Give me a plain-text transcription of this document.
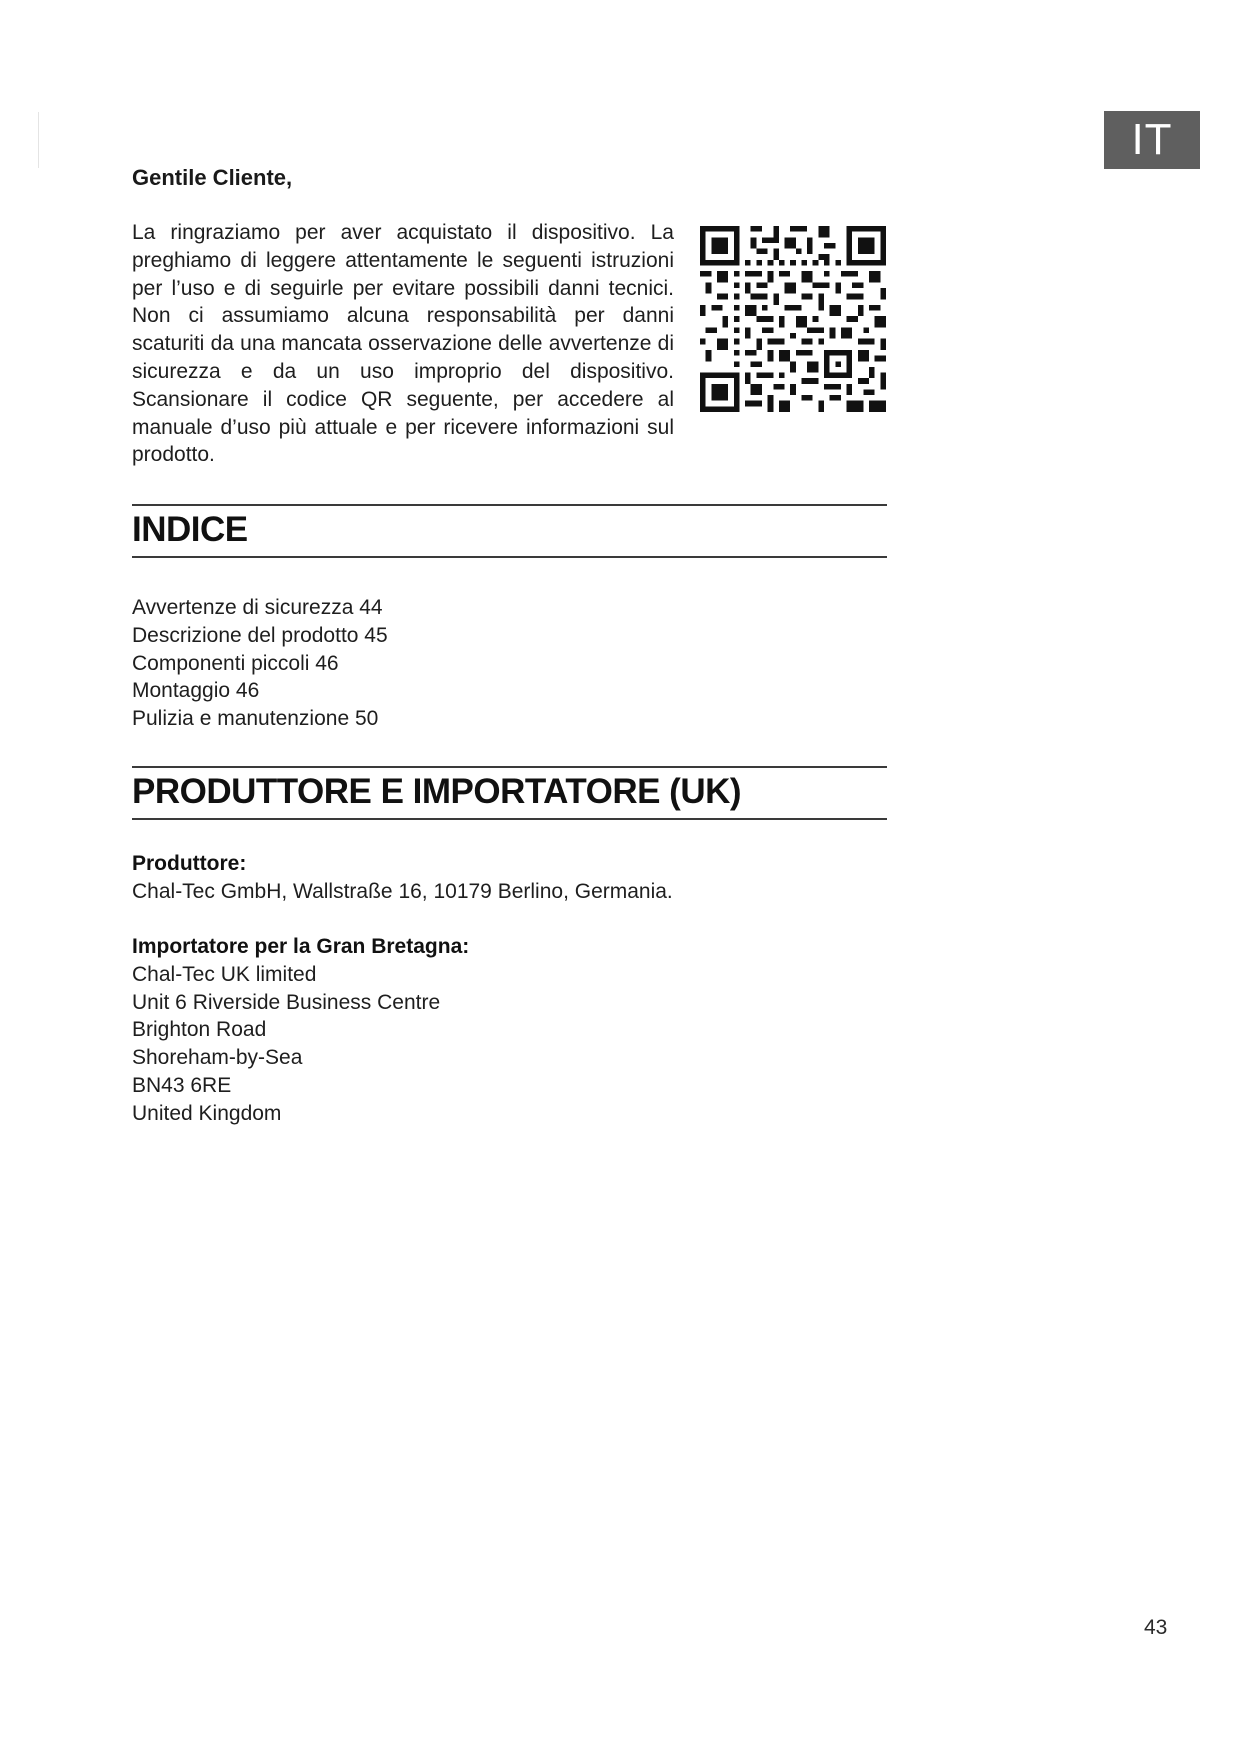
IT
Gentile Cliente,
La ringraziamo per aver acquistato il dispositivo. La preghiamo di leggere attentamente le seguenti istruzioni per l’uso e di seguirle per evitare possibili danni tecnici. Non ci assumiamo alcuna responsabilità per danni scaturiti da una mancata osservazione delle avvertenze di sicurezza e da un uso improprio del dispositivo. Scansionare il codice QR seguente, per accedere al manuale d’uso più attuale e per ricevere informazioni sul prodotto.
INDICE
Avvertenze di sicurezza 44
Descrizione del prodotto 45
Componenti piccoli 46
Montaggio 46
Pulizia e manutenzione 50
PRODUTTORE E IMPORTATORE (UK)
Produttore:
Chal-Tec GmbH, Wallstraße 16, 10179 Berlino, Germania.
Importatore per la Gran Bretagna:
Chal-Tec UK limited
Unit 6 Riverside Business Centre
Brighton Road
Shoreham-by-Sea
BN43 6RE
United Kingdom
43
